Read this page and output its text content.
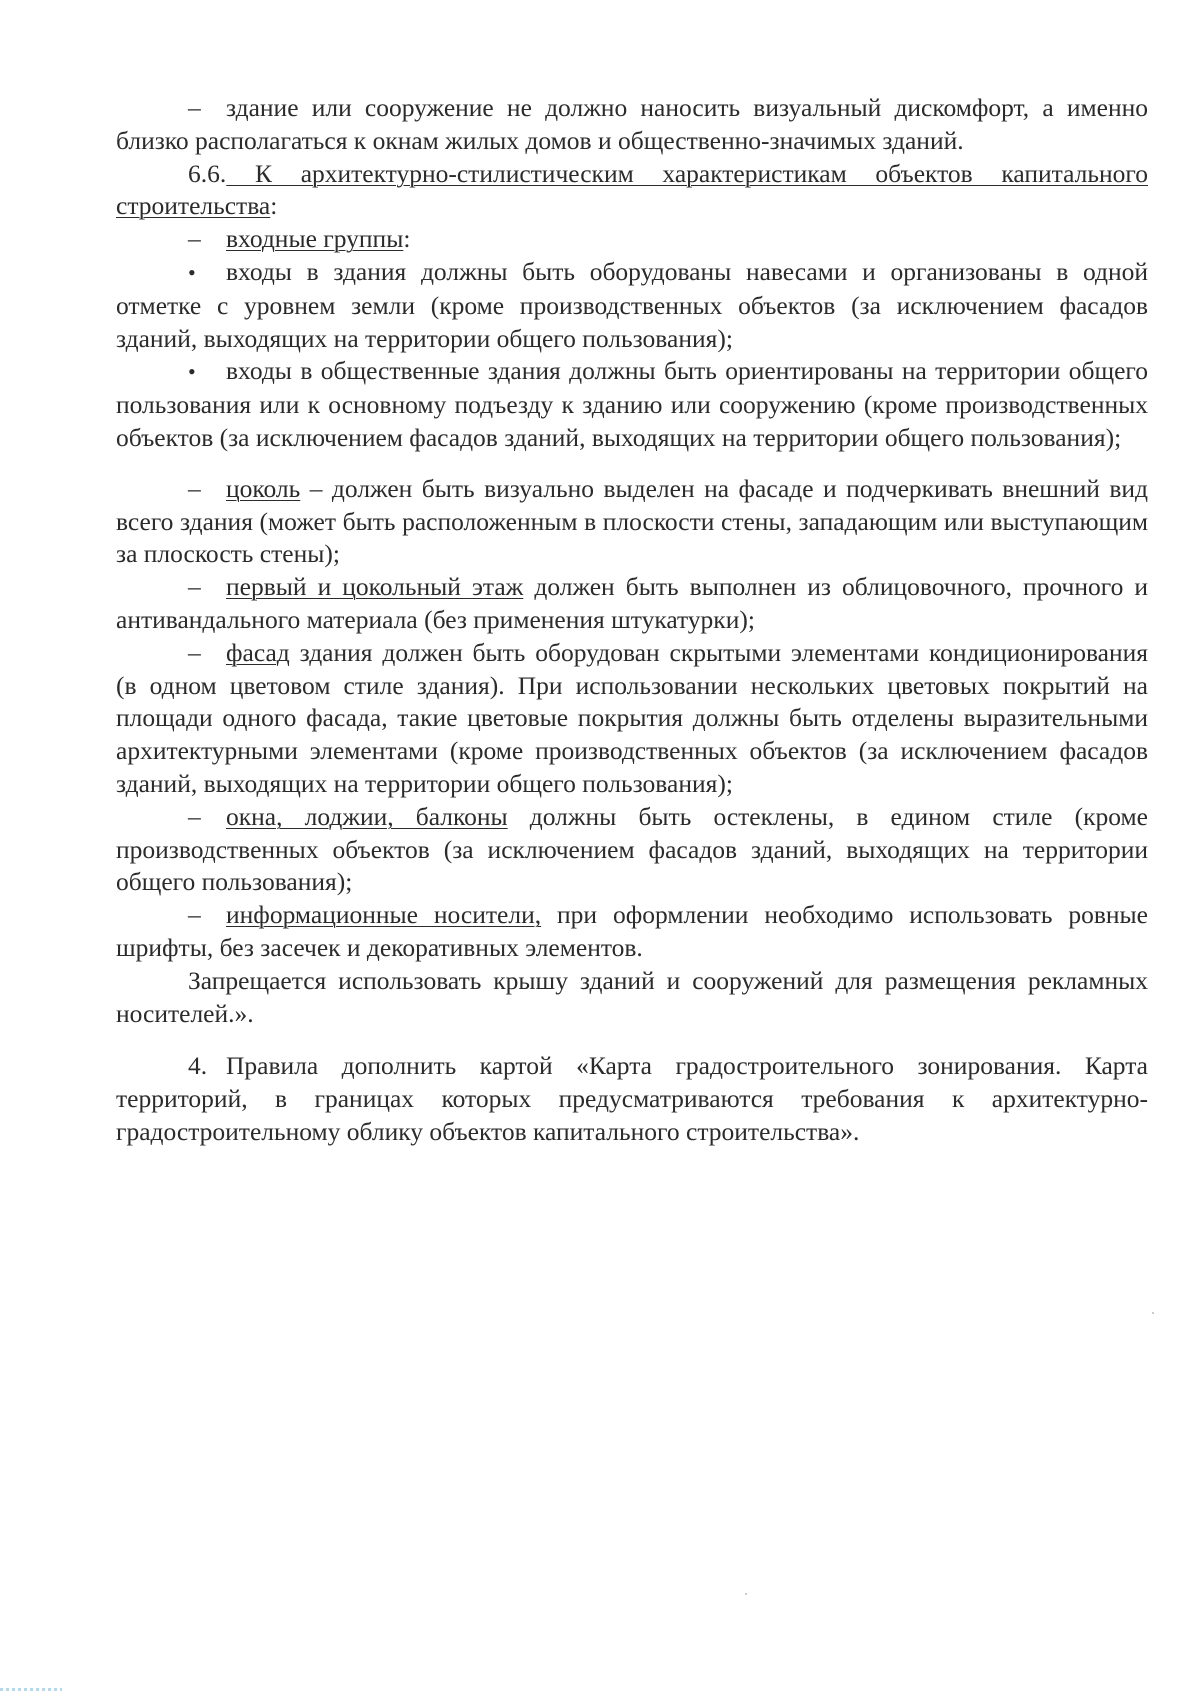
– здание или сооружение не должно наносить визуальный дискомфорт, а именно близко располагаться к окнам жилых домов и общественно-значимых зданий.

6.6. К архитектурно-стилистическим характеристикам объектов капитального строительства:

– входные группы:

• входы в здания должны быть оборудованы навесами и организованы в одной отметке с уровнем земли (кроме производственных объектов (за исключением фасадов зданий, выходящих на территории общего пользования);

• входы в общественные здания должны быть ориентированы на территории общего пользования или к основному подъезду к зданию или сооружению (кроме производственных объектов (за исключением фасадов зданий, выходящих на территории общего пользования);

– цоколь – должен быть визуально выделен на фасаде и подчеркивать внешний вид всего здания (может быть расположенным в плоскости стены, западающим или выступающим за плоскость стены);

– первый и цокольный этаж должен быть выполнен из облицовочного, прочного и антивандального материала (без применения штукатурки);

– фасад здания должен быть оборудован скрытыми элементами кондиционирования (в одном цветовом стиле здания). При использовании нескольких цветовых покрытий на площади одного фасада, такие цветовые покрытия должны быть отделены выразительными архитектурными элементами (кроме производственных объектов (за исключением фасадов зданий, выходящих на территории общего пользования);

– окна, лоджии, балконы должны быть остеклены, в едином стиле (кроме производственных объектов (за исключением фасадов зданий, выходящих на территории общего пользования);

– информационные носители, при оформлении необходимо использовать ровные шрифты, без засечек и декоративных элементов.

Запрещается использовать крышу зданий и сооружений для размещения рекламных носителей.».

4. Правила дополнить картой «Карта градостроительного зонирования. Карта территорий, в границах которых предусматриваются требования к архитектурно-градостроительному облику объектов капитального строительства».
